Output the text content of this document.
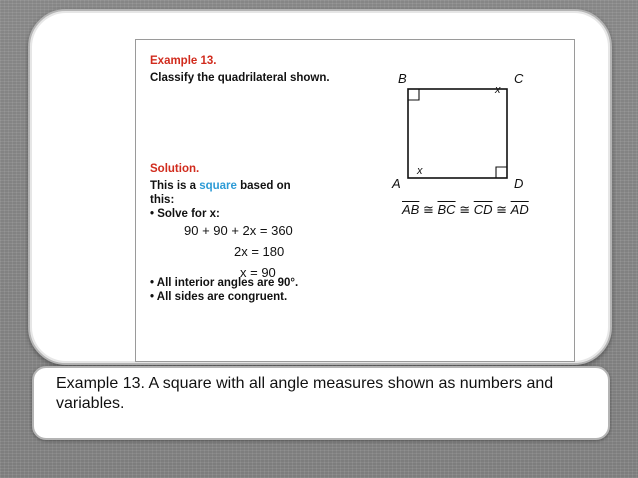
Example 13.
Classify the quadrilateral shown.	B	C
A	D
x
x
$\overline{AB}$ ≅ $\overline{BC}$ ≅ $\overline{CD}$ ≅ $\overline{AD}$
Solution.
This is a square based on
this:
• Solve for x:
90 + 90 + 2x = 360
2x = 180
x = 90
• All interior angles are 90°.
• All sides are congruent.
Example 13. A square with all angle measures shown as numbers and variables.
